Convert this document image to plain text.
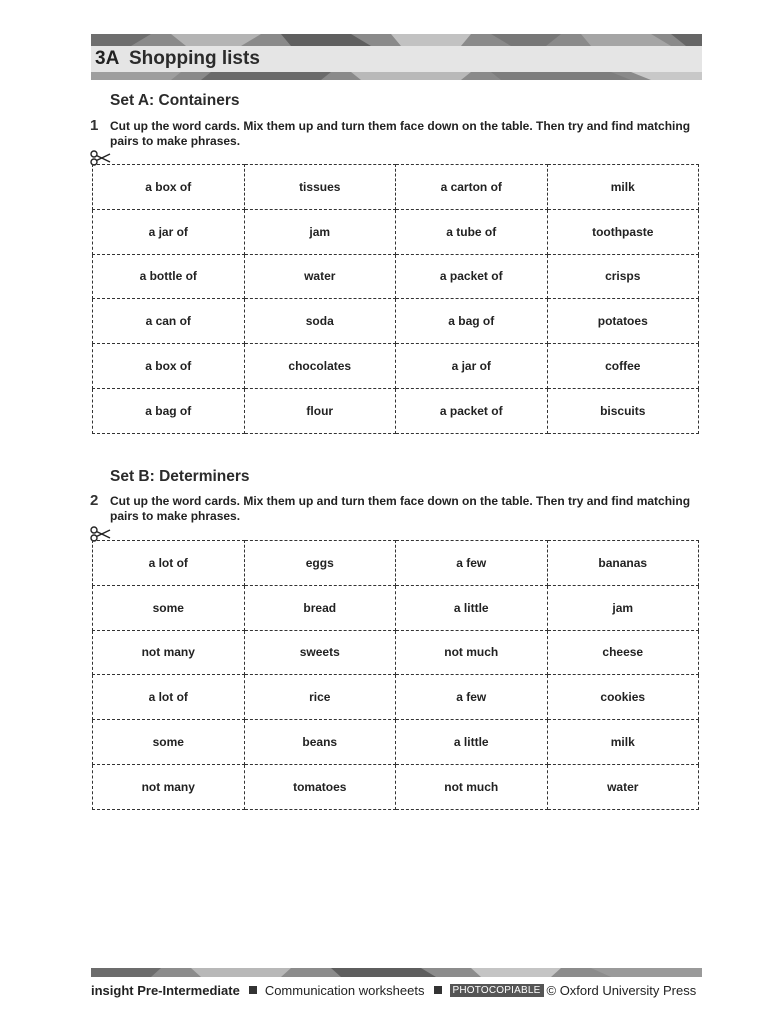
3A Shopping lists
Set A: Containers
1 Cut up the word cards. Mix them up and turn them face down on the table. Then try and find matching pairs to make phrases.
a box of	tissues	a carton of	milk
a jar of	jam	a tube of	toothpaste
a bottle of	water	a packet of	crisps
a can of	soda	a bag of	potatoes
a box of	chocolates	a jar of	coffee
a bag of	flour	a packet of	biscuits
Set B: Determiners
2 Cut up the word cards. Mix them up and turn them face down on the table. Then try and find matching pairs to make phrases.
a lot of	eggs	a few	bananas
some	bread	a little	jam
not many	sweets	not much	cheese
a lot of	rice	a few	cookies
some	beans	a little	milk
not many	tomatoes	not much	water
insight Pre-Intermediate Communication worksheets	PHOTOCOPIABLE © Oxford University Press
